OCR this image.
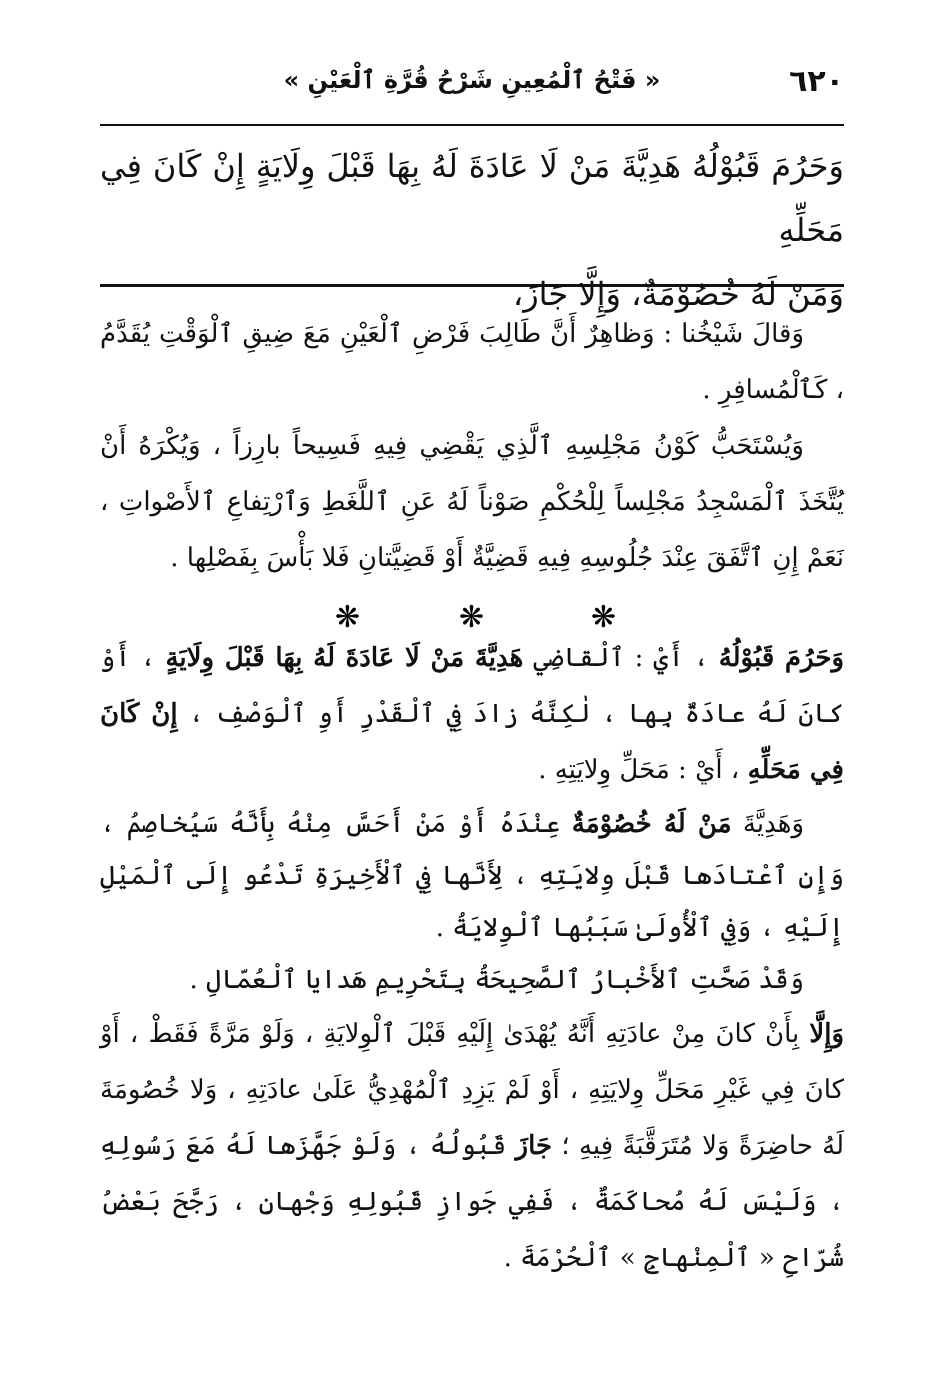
٦٢٠
« فَتْحُ ٱلْمُعِينِ شَرْحُ قُرَّةِ ٱلْعَيْنِ »
وَحَرُمَ قَبُوْلُهُ هَدِيَّةَ مَنْ لَا عَادَةَ لَهُ بِهَا قَبْلَ وِلَايَةٍ إِنْ كَانَ فِي مَحَلِّهِ
وَمَنْ لَهُ خُصُوْمَةٌ، وَإِلَّا جَازَ،

وَقالَ شَيْخُنا : وَظاهِرٌ أَنَّ طَالِبَ فَرْضِ ٱلْعَيْنِ مَعَ ضِيقِ ٱلْوَقْتِ يُقَدَّمُ ، كَٱلْمُسافِرِ .

وَيُسْتَحَبُّ كَوْنُ مَجْلِسِهِ ٱلَّذِي يَقْضِي فِيهِ فَسِيحاً بارِزاً ، وَيُكْرَهُ أَنْ يُتَّخَذَ ٱلْمَسْجِدُ مَجْلِساً لِلْحُكْمِ صَوْناً لَهُ عَنِ ٱللَّغَطِ وَٱرْتِفاعِ ٱلأَصْواتِ ، نَعَمْ إِنِ ٱتَّفَقَ عِنْدَ جُلُوسِهِ فِيهِ قَضِيَّةٌ أَوْ قَضِيَّتانِ فَلا بَأْسَ بِفَصْلِها .

❋
❋
❋

وَحَرُمَ قَبُوْلُهُ ، أَيْ : ٱلْقاضِي هَدِيَّةَ مَنْ لَا عَادَةَ لَهُ بِهَا قَبْلَ وِلَايَةٍ ، أَوْ كانَ لَهُ عادَةٌ بِها ، لٰكِنَّهُ زادَ فِي ٱلْقَدْرِ أَوِ ٱلْوَصْفِ ، إِنْ كَانَ فِي مَحَلِّهِ ، أَيْ : مَحَلِّ وِلايَتِهِ .

وَهَدِيَّةَ مَنْ لَهُ خُصُوْمَةٌ عِنْدَهُ أَوْ مَنْ أَحَسَّ مِنْهُ بِأَنَّهُ سَيُخاصِمُ ، وَإِنِ ٱعْتادَها قَبْلَ وِلايَتِهِ ، لِأَنَّها فِي ٱلْأَخِيرَةِ تَدْعُو إِلَى ٱلْمَيْلِ إِلَيْهِ ، وَفِي ٱلْأُولَىٰ سَبَبُها ٱلْوِلايَةُ .

وَقَدْ صَحَّتِ ٱلأَخْبارُ ٱلصَّحِيحَةُ بِتَحْرِيمِ هَدايا ٱلْعُمّالِ .

وَإِلَّا بِأَنْ كانَ مِنْ عادَتِهِ أَنَّهُ يُهْدَىٰ إِلَيْهِ قَبْلَ ٱلْوِلايَةِ ، وَلَوْ مَرَّةً فَقَطْ ، أَوْ كانَ فِي غَيْرِ مَحَلِّ وِلايَتِهِ ، أَوْ لَمْ يَزِدِ ٱلْمُهْدِيُّ عَلَىٰ عادَتِهِ ، وَلا خُصُومَةَ لَهُ حاضِرَةً وَلا مُتَرَقَّبَةً فِيهِ ؛ جَازَ قَبُولُهُ ، وَلَوْ جَهَّزَها لَهُ مَعَ رَسُولِهِ ، وَلَيْسَ لَهُ مُحاكَمَةٌ ، فَفِي جَوازِ قَبُولِهِ وَجْهانِ ، رَجَّحَ بَعْضُ شُرّاحِ « ٱلْمِنْهاجِ » ٱلْحُرْمَةَ .
